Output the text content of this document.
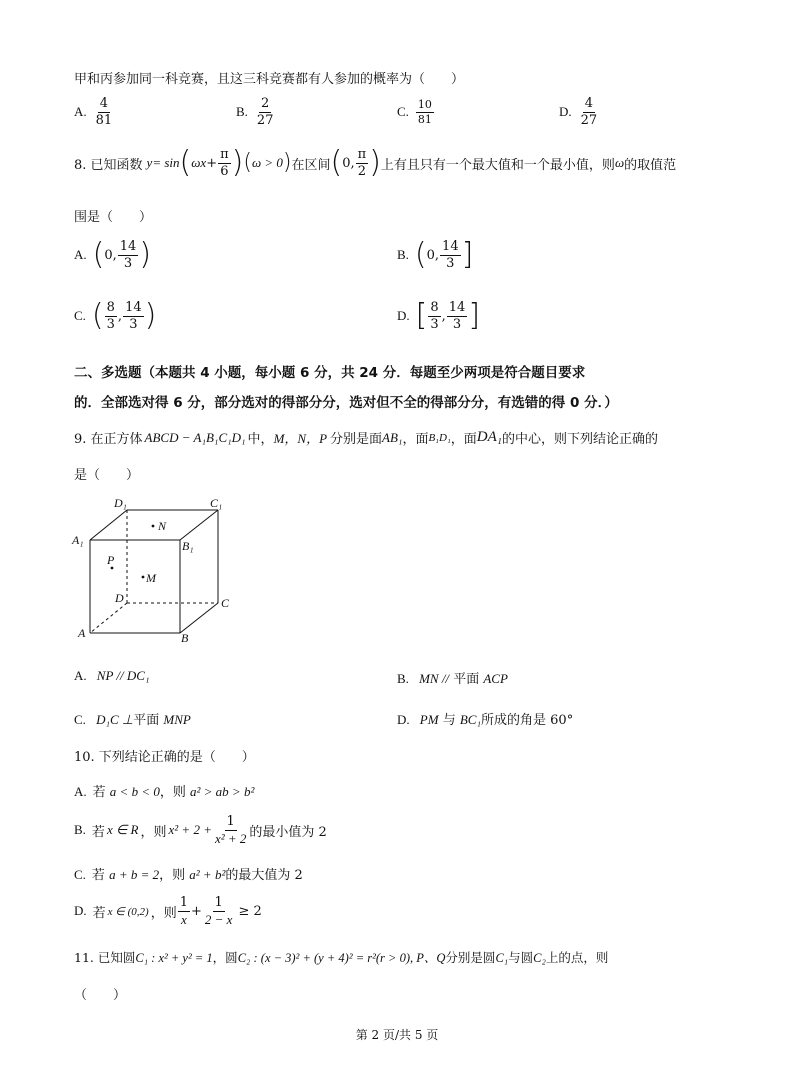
甲和丙参加同一科竞赛，且这三科竞赛都有人参加的概率为（　　）
A. $\frac{4}{81}$	B. $\frac{2}{27}$	C. $\frac{10}{81}$	D. $\frac{4}{27}$
8. 已知函数 y = sin ( $\omega x + \frac{\pi}{6}$ ) ( ω > 0 ) 在区间 ( 0, $\frac{\pi}{2}$ ) 上有且只有一个最大值和一个最小值，则 ω 的取值范
围是（　　）
A. ( 0, $\frac{14}{3}$ )	B. ( 0, $\frac{14}{3}$ ]
C. ( $\frac{8}{3}$ , $\frac{14}{3}$ )	D. [ $\frac{8}{3}$ , $\frac{14}{3}$ ]
二、多选题（本题共 4 小题，每小题 6 分，共 24 分．每题至少两项是符合题目要求
的．全部选对得 6 分，部分选对的得部分分，选对但不全的得部分分，有选错的得 0 分．）
9. 在正方体 ABCD − A₁B₁C₁D₁ 中， M，N，P 分别是面 AB₁ ，面 B₁D₁ ，面 DA₁ 的中心，则下列结论正确的
是（　　）
D₁	C₁
A₁	B₁
N
P
M
D	C
A	B
A. NP // DC₁	B. MN // 平面 ACP
C. D₁C ⊥平面 MNP	D. PM 与 BC₁所成的角是 60°
10. 下列结论正确的是（　　）
A. 若 a < b < 0，则 a² > ab > b²
B. 若 x ∈ R ，则 $x^2 + 2 + \frac{1}{\text{x² + 2}}$ 的最小值为 2
C. 若 a + b = 2，则 a² + b²的最大值为 2
D. 若 x ∈ (0,2) ，则 $\frac{1}{x} + \frac{1}{2 - x} \ge 2$
11. 已知圆C₁ : x² + y² = 1，圆C₂ : (x − 3)² + (y + 4)² = r²(r > 0), P、Q分别是圆C₁与圆C₂上的点，则
（　　）
第 2 页/共 5 页
